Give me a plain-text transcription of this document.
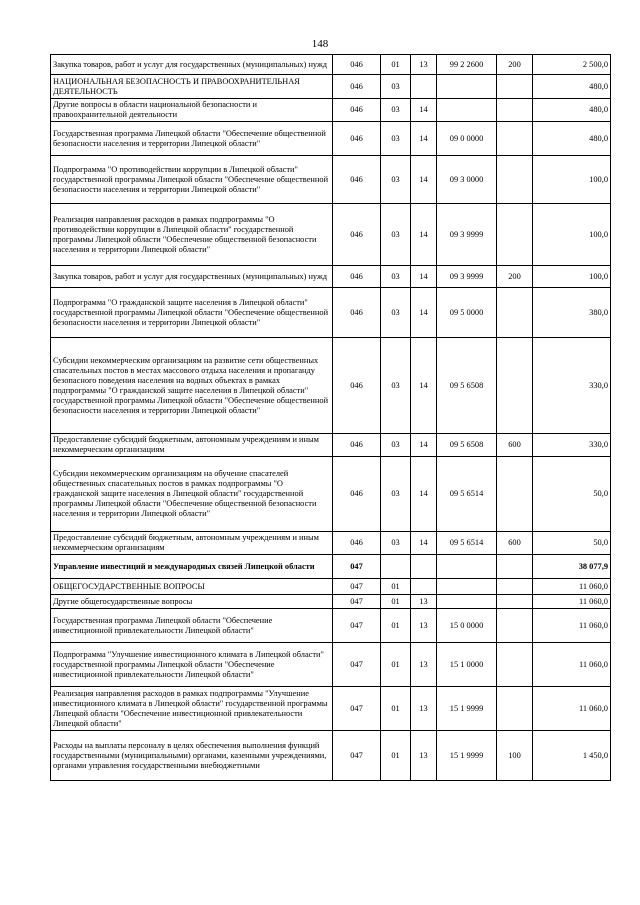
148
Закупка товаров, работ и услуг для государственных (муниципальных) нужд	046	01	13	99 2 2600	200	2 500,0
НАЦИОНАЛЬНАЯ БЕЗОПАСНОСТЬ И ПРАВООХРАНИТЕЛЬНАЯ ДЕЯТЕЛЬНОСТЬ	046	03				480,0
Другие вопросы в области национальной безопасности и правоохранительной деятельности	046	03	14			480,0
Государственная программа Липецкой области "Обеспечение общественной безопасности населения и территории Липецкой области"	046	03	14	09 0 0000		480,0
Подпрограмма "О противодействии коррупции в Липецкой области" государственной программы Липецкой области "Обеспечение общественной безопасности населения и территории Липецкой области"	046	03	14	09 3 0000		100,0
Реализация направления расходов в рамках подпрограммы "О противодействии коррупции в Липецкой области" государственной программы Липецкой области "Обеспечение общественной безопасности населения и территории Липецкой области"	046	03	14	09 3 9999		100,0
Закупка товаров, работ и услуг для государственных (муниципальных) нужд	046	03	14	09 3 9999	200	100,0
Подпрограмма "О гражданской защите населения в Липецкой области" государственной программы Липецкой области "Обеспечение общественной безопасности населения и территории Липецкой области"	046	03	14	09 5 0000		380,0
Субсидии некоммерческим организациям на развитие сети общественных спасательных постов в местах массового отдыха населения и пропаганду безопасного поведения населения на водных объектах в рамках подпрограммы "О гражданской защите населения в Липецкой области" государственной программы Липецкой области "Обеспечение общественной безопасности населения и территории Липецкой области"	046	03	14	09 5 6508		330,0
Предоставление субсидий бюджетным, автономным учреждениям и иным некоммерческим организациям	046	03	14	09 5 6508	600	330,0
Субсидии некоммерческим организациям на обучение спасателей общественных спасательных постов в рамках подпрограммы "О гражданской защите населения в Липецкой области" государственной программы Липецкой области "Обеспечение общественной безопасности населения и территории Липецкой области"	046	03	14	09 5 6514		50,0
Предоставление субсидий бюджетным, автономным учреждениям и иным некоммерческим организациям	046	03	14	09 5 6514	600	50,0
Управление инвестиций и международных связей Липецкой области	047					38 077,9
ОБЩЕГОСУДАРСТВЕННЫЕ ВОПРОСЫ	047	01				11 060,0
Другие общегосударственные вопросы	047	01	13			11 060,0
Государственная программа Липецкой области "Обеспечение инвестиционной привлекательности Липецкой области"	047	01	13	15 0 0000		11 060,0
Подпрограмма "Улучшение инвестиционного климата в Липецкой области" государственной программы Липецкой области "Обеспечение инвестиционной привлекательности Липецкой области"	047	01	13	15 1 0000		11 060,0
Реализация направления расходов в рамках подпрограммы "Улучшение инвестиционного климата в Липецкой области" государственной программы Липецкой области "Обеспечение инвестиционной привлекательности Липецкой области"	047	01	13	15 1 9999		11 060,0
Расходы на выплаты персоналу в целях обеспечения выполнения функций государственными (муниципальными) органами, казенными учреждениями, органами управления государственными внебюджетными	047	01	13	15 1 9999	100	1 450,0
